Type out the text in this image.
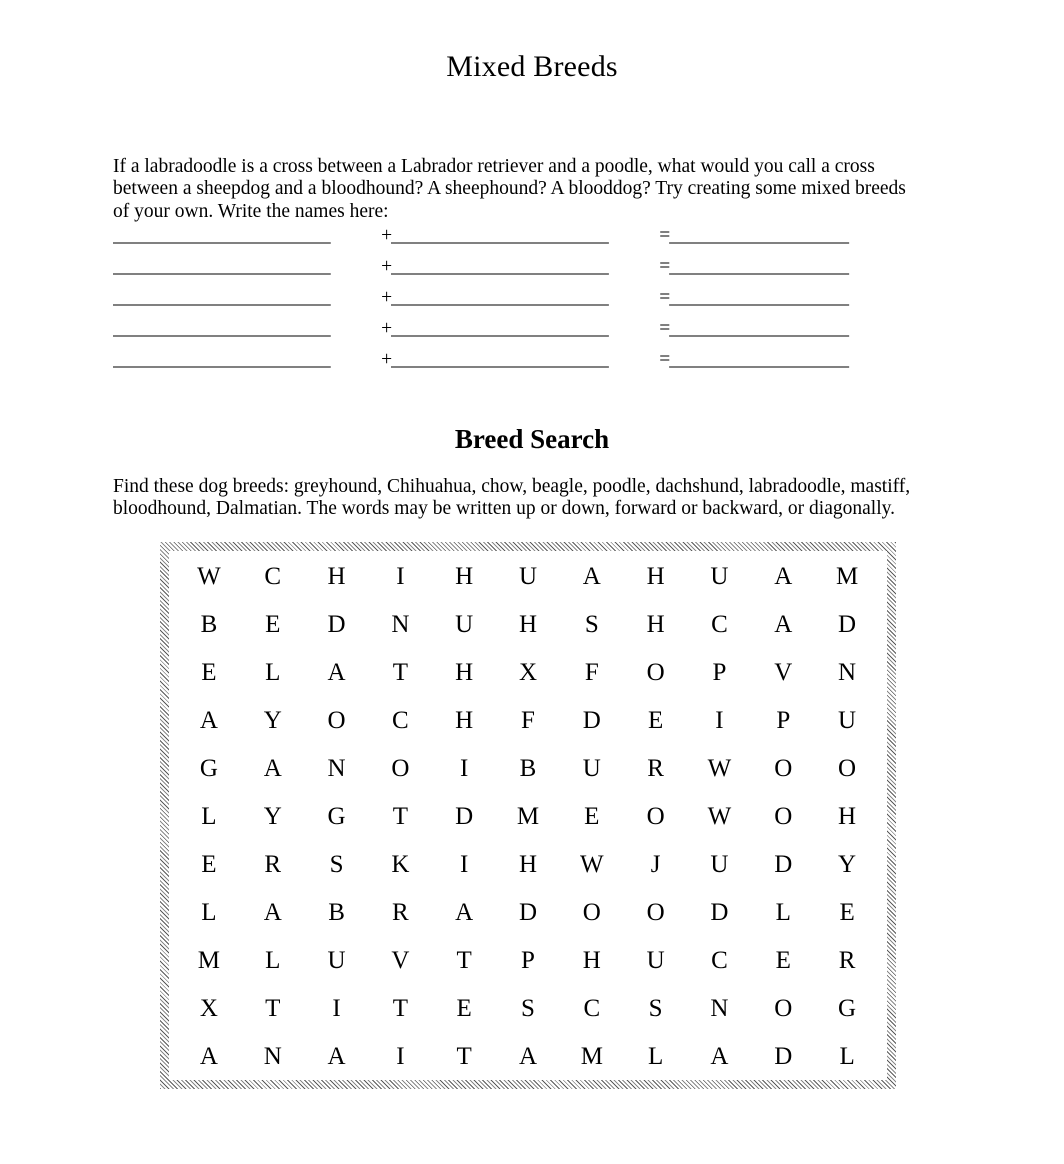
Mixed Breeds

If a labradoodle is a cross between a Labrador retriever and a poodle, what would you call a cross between a sheepdog and a bloodhound? A sheephound? A blooddog? Try creating some mixed breeds of your own. Write the names here:

_______________________	+ _______________________	= ___________________
_______________________	+ _______________________	= ___________________
_______________________	+ _______________________	= ___________________
_______________________	+ _______________________	= ___________________
_______________________	+ _______________________	= ___________________
Breed Search

Find these dog breeds: greyhound, Chihuahua, chow, beagle, poodle, dachshund, labradoodle, mastiff, bloodhound, Dalmatian. The words may be written up or down, forward or backward, or diagonally.

W	C	H	I	H	U	A	H	U	A	M
B	E	D	N	U	H	S	H	C	A	D
E	L	A	T	H	X	F	O	P	V	N
A	Y	O	C	H	F	D	E	I	P	U
G	A	N	O	I	B	U	R	W	O	O
L	Y	G	T	D	M	E	O	W	O	H
E	R	S	K	I	H	W	J	U	D	Y
L	A	B	R	A	D	O	O	D	L	E
M	L	U	V	T	P	H	U	C	E	R
X	T	I	T	E	S	C	S	N	O	G
A	N	A	I	T	A	M	L	A	D	L
